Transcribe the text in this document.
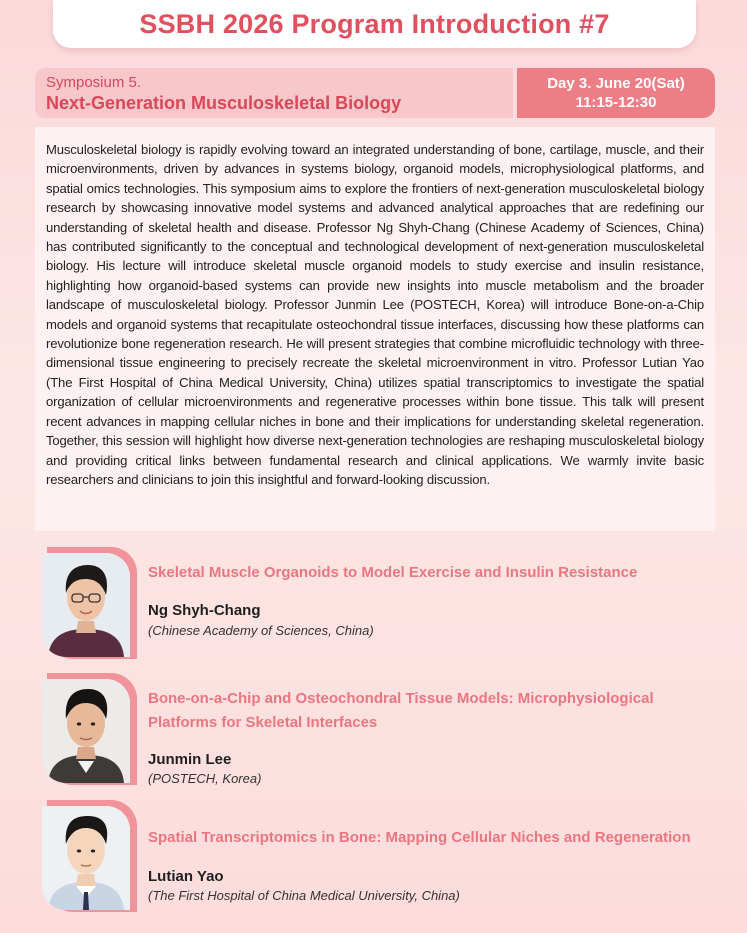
SSBH 2026 Program Introduction #7
Symposium 5.
Next-Generation Musculoskeletal Biology
Day 3. June 20(Sat)
11:15-12:30

Musculoskeletal biology is rapidly evolving toward an integrated understanding of bone, cartilage, muscle, and their microenvironments, driven by advances in systems biology, organoid models, microphysiological platforms, and spatial omics technologies. This symposium aims to explore the frontiers of next-generation musculoskeletal biology research by showcasing innovative model systems and advanced analytical approaches that are redefining our understanding of skeletal health and disease. Professor Ng Shyh-Chang (Chinese Academy of Sciences, China) has contributed significantly to the conceptual and technological development of next-generation musculoskeletal biology. His lecture will introduce skeletal muscle organoid models to study exercise and insulin resistance, highlighting how organoid-based systems can provide new insights into muscle metabolism and the broader landscape of musculoskeletal biology. Professor Junmin Lee (POSTECH, Korea) will introduce Bone-on-a-Chip models and organoid systems that recapitulate osteochondral tissue interfaces, discussing how these platforms can revolutionize bone regeneration research. He will present strategies that combine microfluidic technology with three-dimensional tissue engineering to precisely recreate the skeletal microenvironment in vitro. Professor Lutian Yao (The First Hospital of China Medical University, China) utilizes spatial transcriptomics to investigate the spatial organization of cellular microenvironments and regenerative processes within bone tissue. This talk will present recent advances in mapping cellular niches in bone and their implications for understanding skeletal regeneration. Together, this session will highlight how diverse next-generation technologies are reshaping musculoskeletal biology and providing critical links between fundamental research and clinical applications. We warmly invite basic researchers and clinicians to join this insightful and forward-looking discussion.

Skeletal Muscle Organoids to Model Exercise and Insulin Resistance
Ng Shyh-Chang
(Chinese Academy of Sciences, China)
Bone-on-a-Chip and Osteochondral Tissue Models: Microphysiological Platforms for Skeletal Interfaces
Junmin Lee
(POSTECH, Korea)
Spatial Transcriptomics in Bone: Mapping Cellular Niches and Regeneration
Lutian Yao
(The First Hospital of China Medical University, China)
